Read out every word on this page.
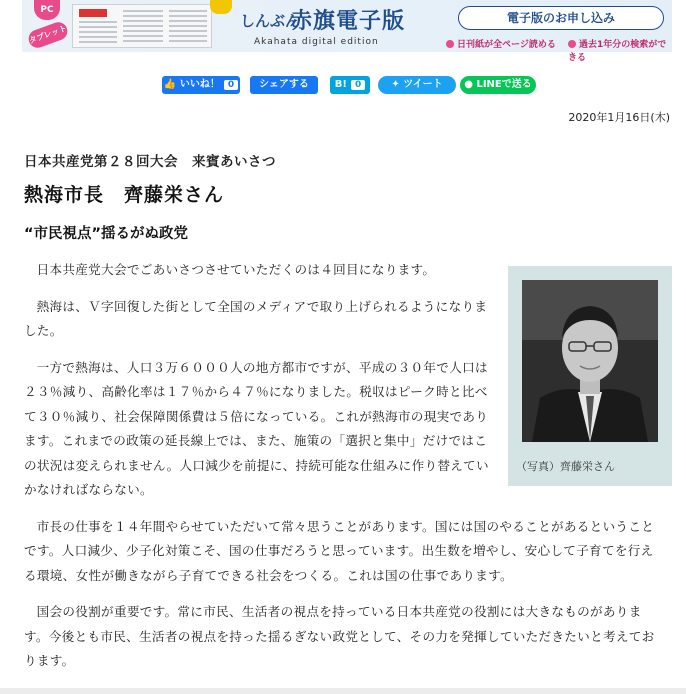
PC
タブレット
しんぶん
赤旗電子版
Akahata digital edition
電子版のお申し込み
日刊紙が全ページ読める	過去1年分の検索ができる
👍 いいね！ 0	シェアする	B! 0	✦ ツイート	● LINEで送る
2020年1月16日(木)
日本共産党第２８回大会　来賓あいさつ
熱海市長　齊藤栄さん
“市民視点”揺るがぬ政党

日本共産党大会でごあいさつさせていただくのは４回目になります。

熱海は、Ｖ字回復した街として全国のメディアで取り上げられるようになりました。

一方で熱海は、人口３万６０００人の地方都市ですが、平成の３０年で人口は２３％減り、高齢化率は１７％から４７％になりました。税収はピーク時と比べて３０％減り、社会保障関係費は５倍になっている。これが熱海市の現実であります。これまでの政策の延長線上では、また、施策の「選択と集中」だけではこの状況は変えられません。人口減少を前提に、持続可能な仕組みに作り替えていかなければならない。

市長の仕事を１４年間やらせていただいて常々思うことがあります。国には国のやることがあるということです。人口減少、少子化対策こそ、国の仕事だろうと思っています。出生数を増やし、安心して子育てを行える環境、女性が働きながら子育てできる社会をつくる。これは国の仕事であります。

国会の役割が重要です。常に市民、生活者の視点を持っている日本共産党の役割には大きなものがあります。今後とも市民、生活者の視点を持った揺るぎない政党として、その力を発揮していただきたいと考えております。

（写真）齊藤栄さん
